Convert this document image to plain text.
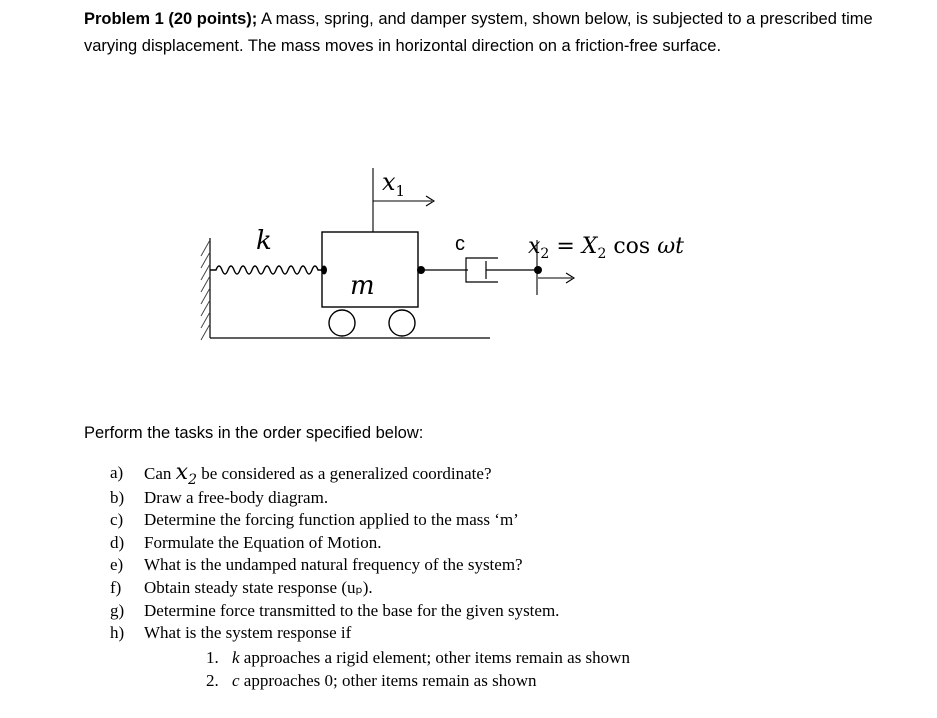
Problem 1 (20 points); A mass, spring, and damper system, shown below, is subjected to a prescribed time varying displacement. The mass moves in horizontal direction on a friction-free surface.
$x_1$
k
m
c	$x_2 = X_2$ cos ωt
Perform the tasks in the order specified below:
a) Can $x_2$ be considered as a generalized coordinate?
b) Draw a free-body diagram.
c) Determine the forcing function applied to the mass ‘m’
d) Formulate the Equation of Motion.
e) What is the undamped natural frequency of the system?
f) Obtain steady state response (uₚ).
g) Determine force transmitted to the base for the given system.
h) What is the system response if
1. k approaches a rigid element; other items remain as shown
2. c approaches 0; other items remain as shown
